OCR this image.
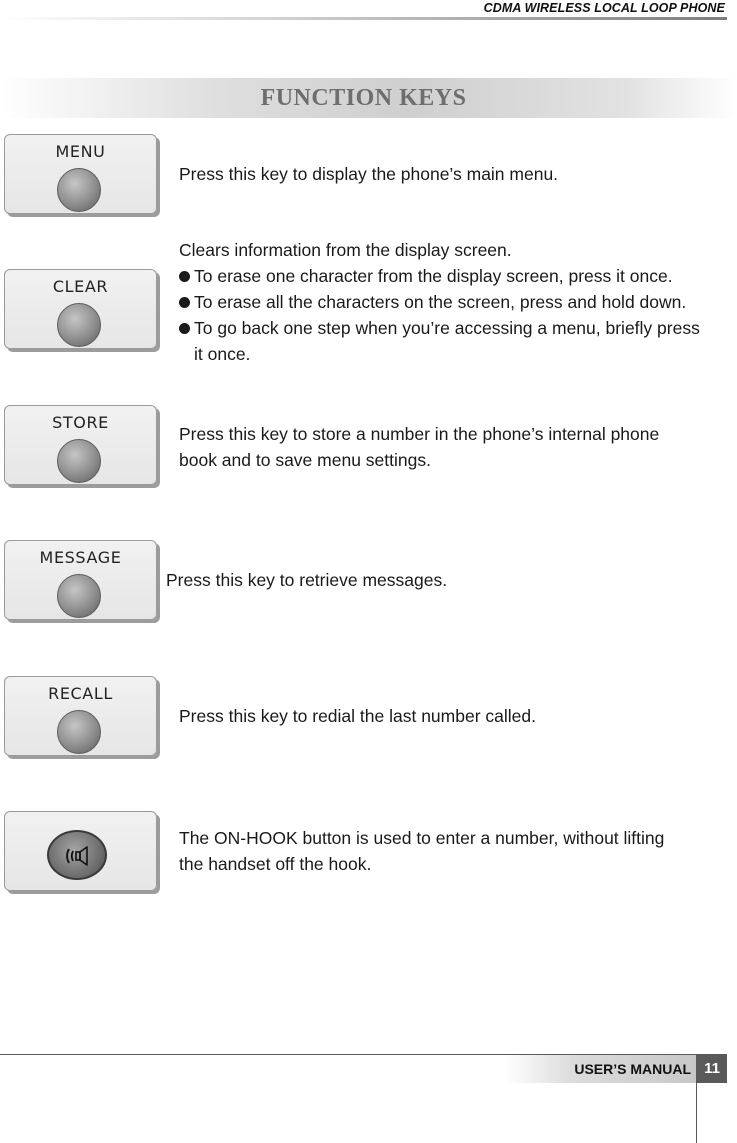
CDMA WIRELESS LOCAL LOOP PHONE
FUNCTION KEYS
MENU
Press this key to display the phone’s main menu.
CLEAR
Clears information from the display screen.
To erase one character from the display screen, press it once.
To erase all the characters on the screen, press and hold down.
To go back one step when you’re accessing a menu, briefly press
it once.
STORE
Press this key to store a number in the phone’s internal phone
book and to save menu settings.
MESSAGE
Press this key to retrieve messages.
RECALL
Press this key to redial the last number called.
The ON-HOOK button is used to enter a number, without lifting
the handset off the hook.
USER’S MANUAL 11
